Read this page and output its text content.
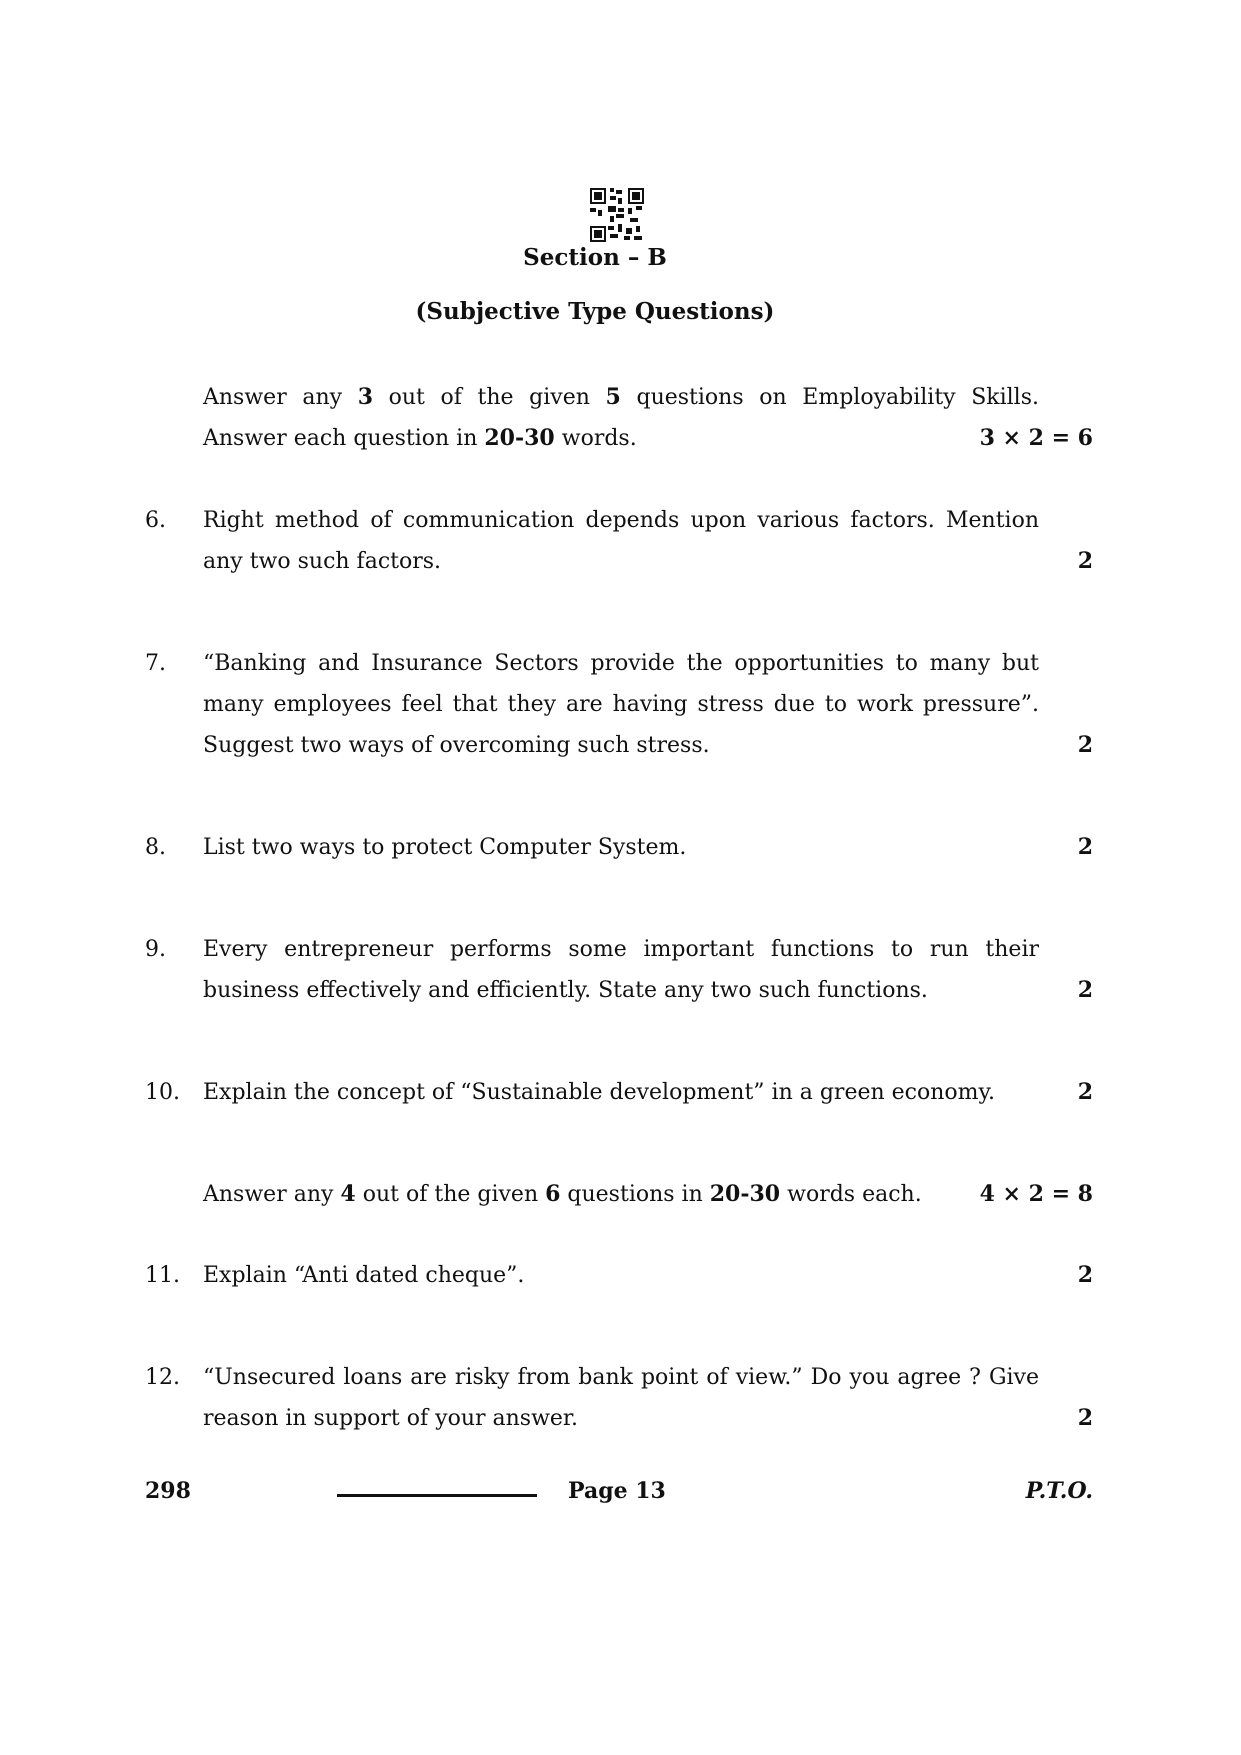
Section – B
(Subjective Type Questions)
Answer any 3 out of the given 5 questions on Employability Skills.
Answer each question in 20-30 words.	3 × 2 = 6
6. Right method of communication depends upon various factors. Mention
any two such factors.	2
7. “Banking and Insurance Sectors provide the opportunities to many but
many employees feel that they are having stress due to work pressure”.
Suggest two ways of overcoming such stress.	2
8. List two ways to protect Computer System.	2
9. Every entrepreneur performs some important functions to run their
business effectively and efficiently. State any two such functions.	2
10. Explain the concept of “Sustainable development” in a green economy.	2
Answer any 4 out of the given 6 questions in 20-30 words each.	4 × 2 = 8
11. Explain “Anti dated cheque”.	2
12. “Unsecured loans are risky from bank point of view.” Do you agree ? Give
reason in support of your answer.	2
298	Page 13	P.T.O.
